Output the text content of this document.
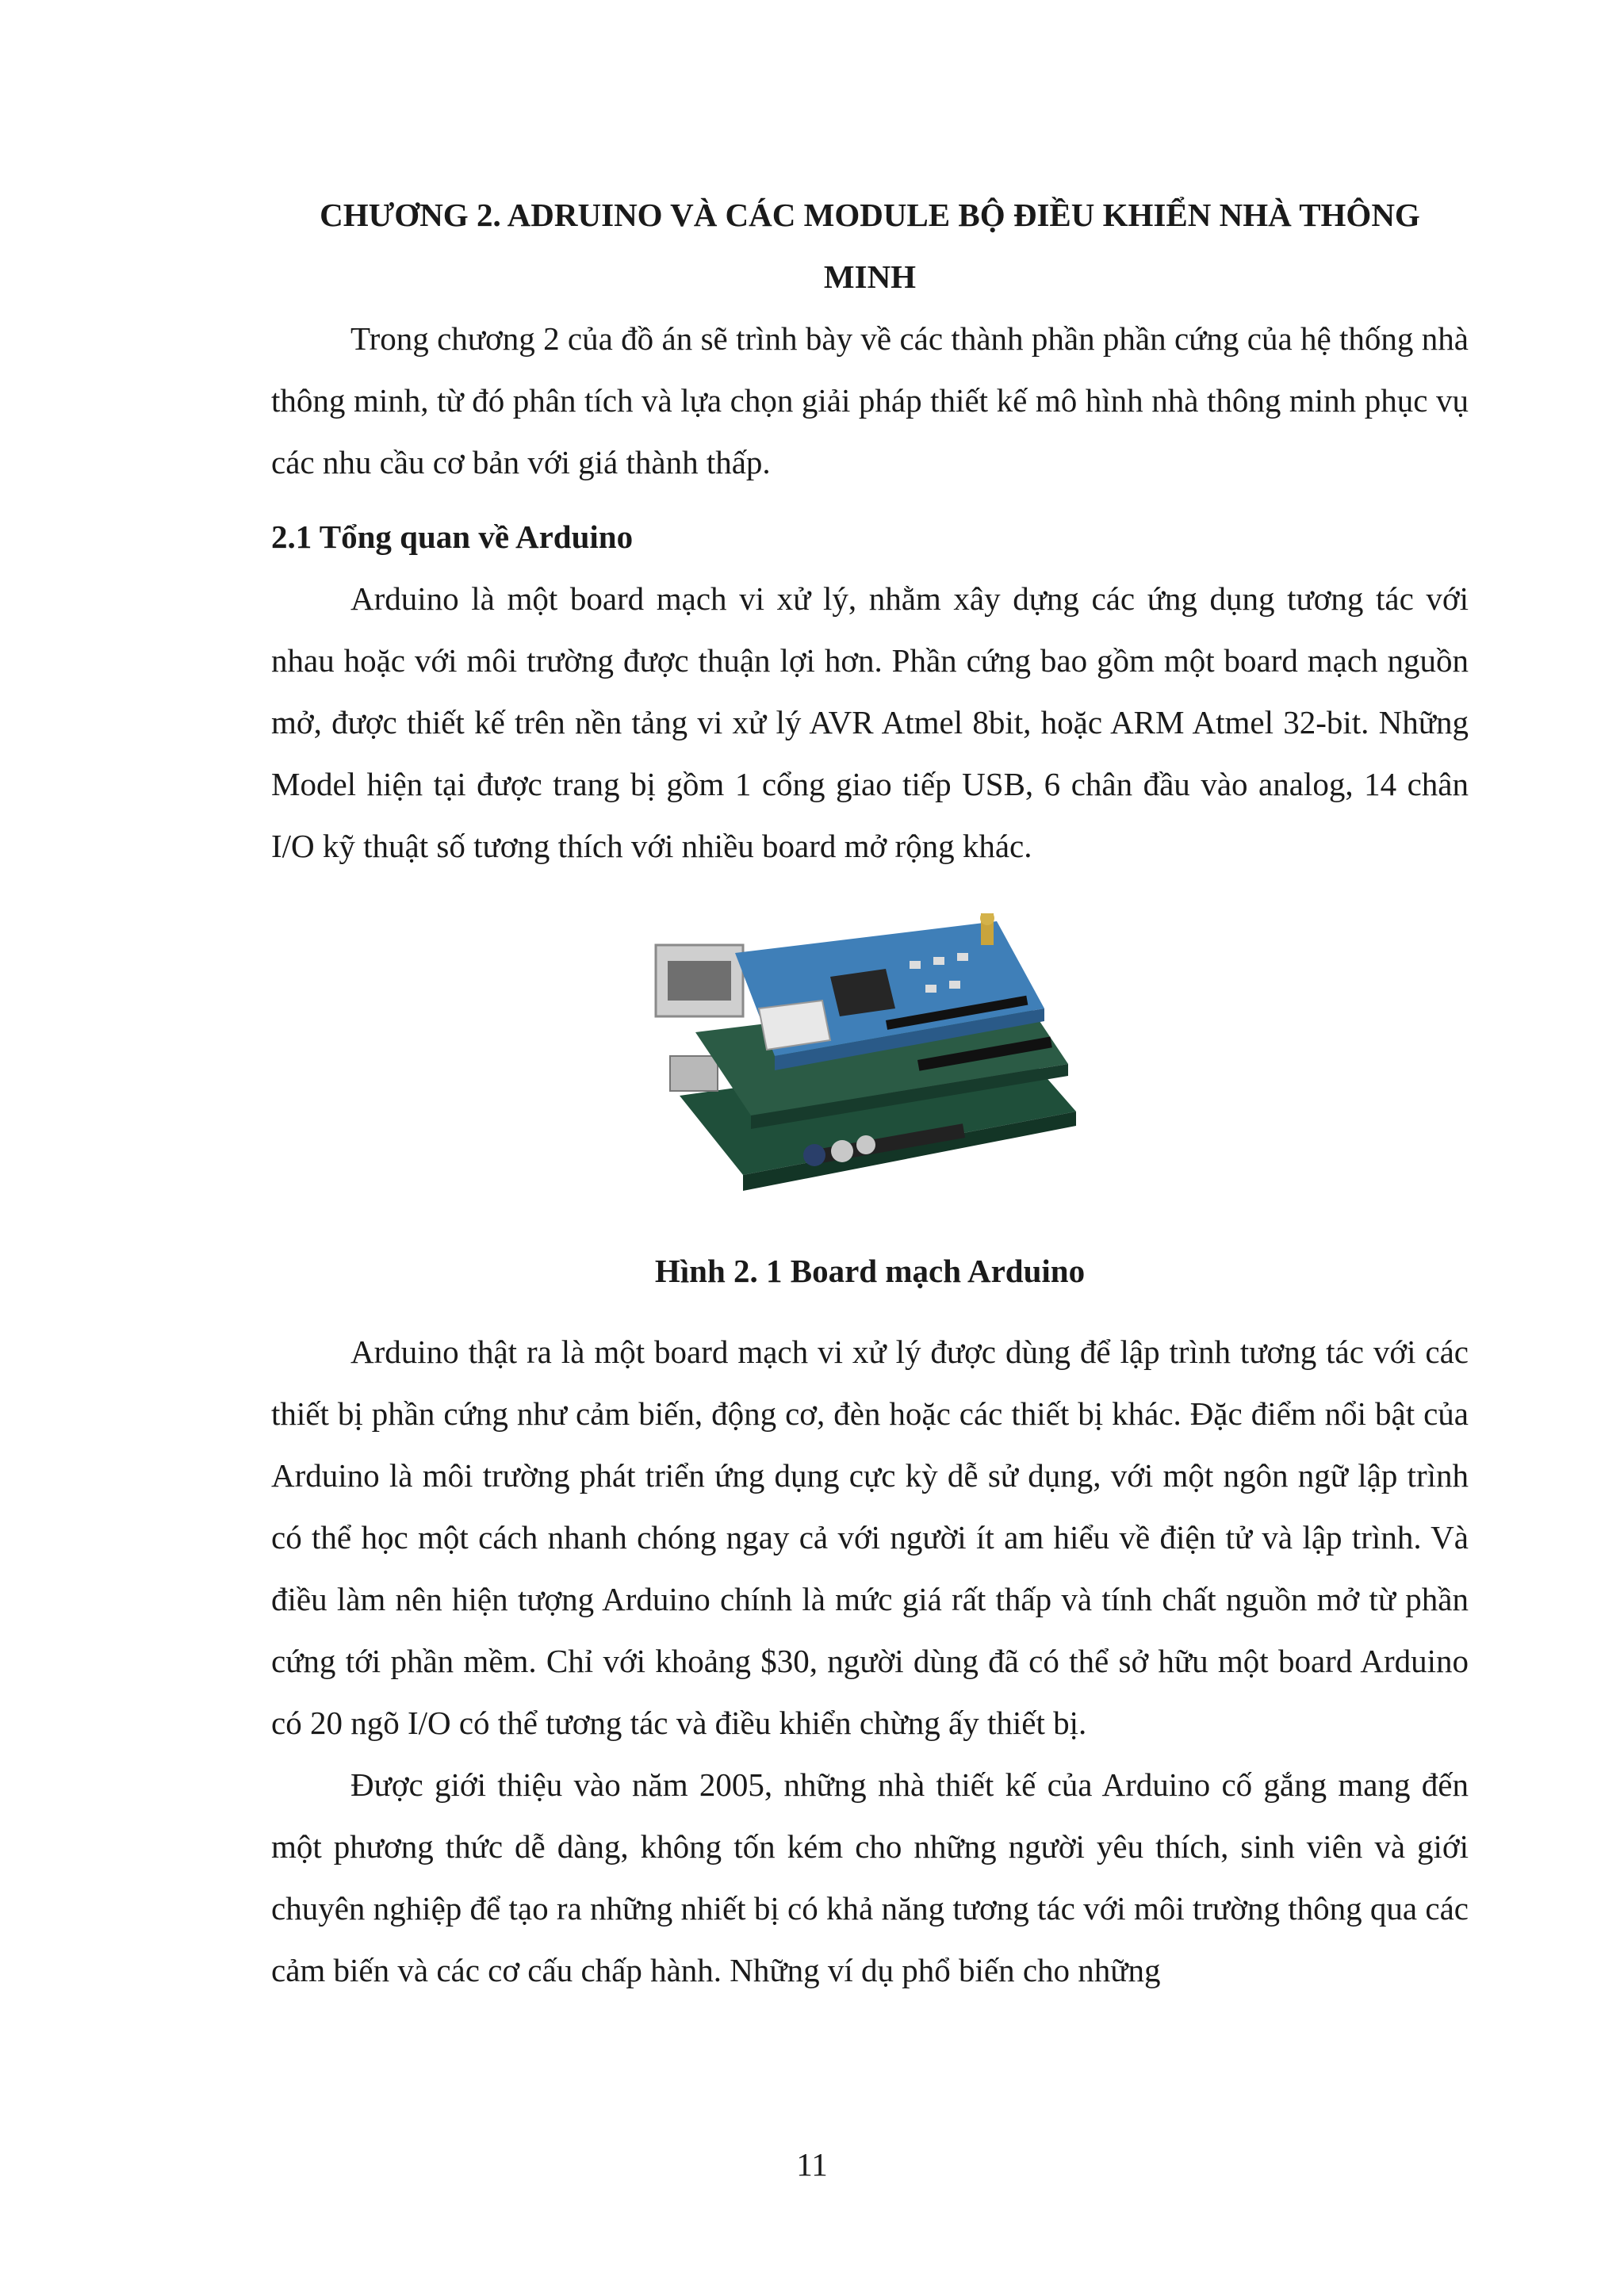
CHƯƠNG 2. ADRUINO VÀ CÁC MODULE BỘ ĐIỀU KHIỂN NHÀ THÔNG MINH

Trong chương 2 của đồ án sẽ trình bày về các thành phần phần cứng của hệ thống nhà thông minh, từ đó phân tích và lựa chọn giải pháp thiết kế mô hình nhà thông minh phục vụ các nhu cầu cơ bản với giá thành thấp.

2.1 Tổng quan về Arduino

Arduino là một board mạch vi xử lý, nhằm xây dựng các ứng dụng tương tác với nhau hoặc với môi trường được thuận lợi hơn. Phần cứng bao gồm một board mạch nguồn mở, được thiết kế trên nền tảng vi xử lý AVR Atmel 8bit, hoặc ARM Atmel 32-bit. Những Model hiện tại được trang bị gồm 1 cổng giao tiếp USB, 6 chân đầu vào analog, 14 chân I/O kỹ thuật số tương thích với nhiều board mở rộng khác.

Hình 2. 1 Board mạch Arduino

Arduino thật ra là một board mạch vi xử lý được dùng để lập trình tương tác với các thiết bị phần cứng như cảm biến, động cơ, đèn hoặc các thiết bị khác. Đặc điểm nổi bật của Arduino là môi trường phát triển ứng dụng cực kỳ dễ sử dụng, với một ngôn ngữ lập trình có thể học một cách nhanh chóng ngay cả với người ít am hiểu về điện tử và lập trình. Và điều làm nên hiện tượng Arduino chính là mức giá rất thấp và tính chất nguồn mở từ phần cứng tới phần mềm. Chỉ với khoảng $30, người dùng đã có thể sở hữu một board Arduino có 20 ngõ I/O có thể tương tác và điều khiển chừng ấy thiết bị.

Được giới thiệu vào năm 2005, những nhà thiết kế của Arduino cố gắng mang đến một phương thức dễ dàng, không tốn kém cho những người yêu thích, sinh viên và giới chuyên nghiệp để tạo ra những nhiết bị có khả năng tương tác với môi trường thông qua các cảm biến và các cơ cấu chấp hành. Những ví dụ phổ biến cho những

11
